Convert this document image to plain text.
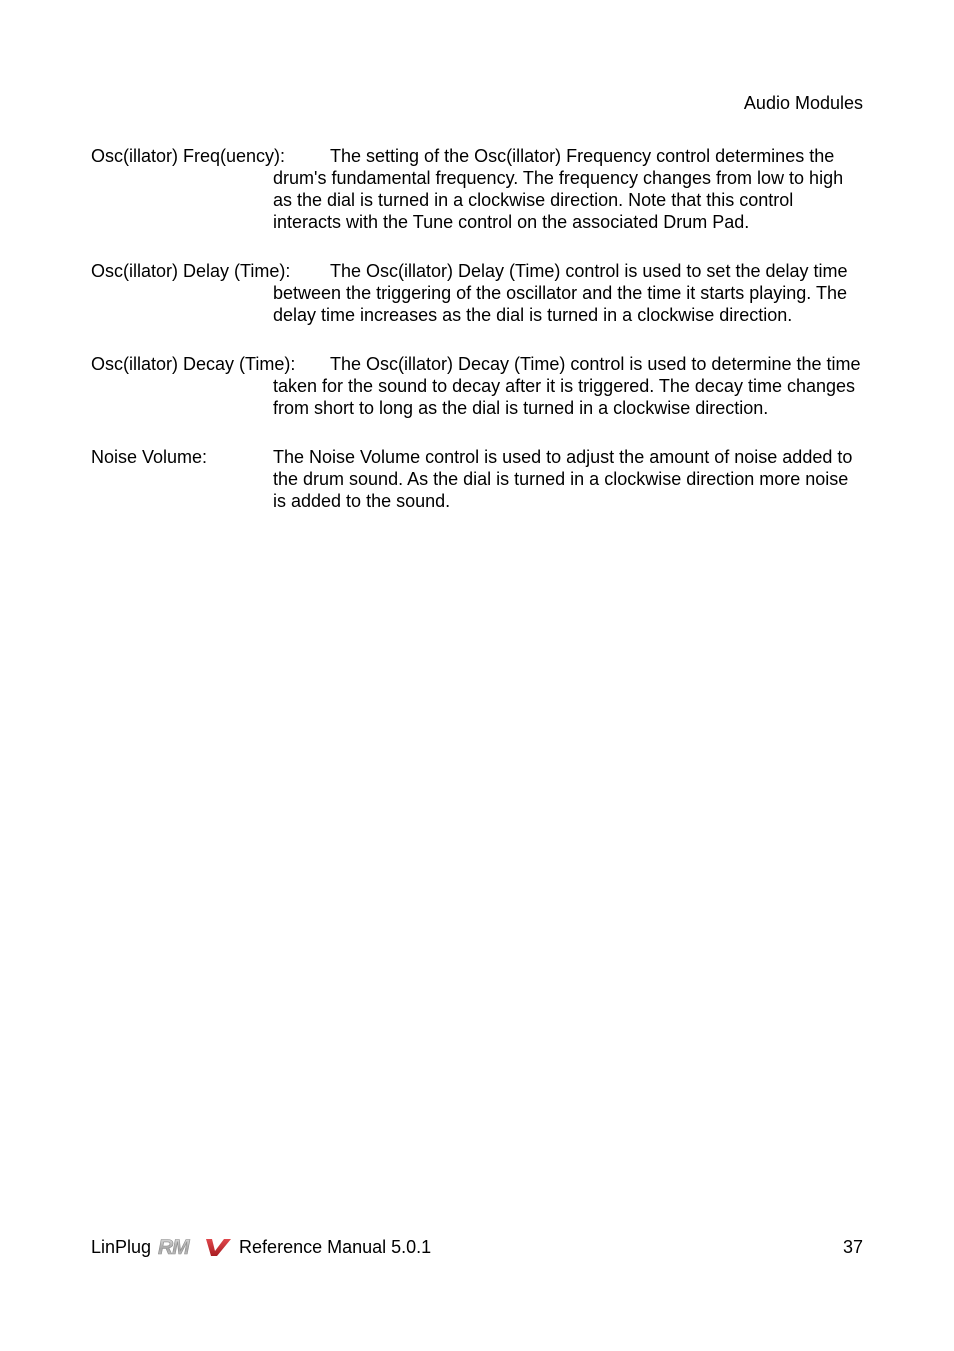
Audio Modules
Osc(illator) Freq(uency):	The setting of the Osc(illator) Frequency control determines the drum's fundamental frequency. The frequency changes from low to high as the dial is turned in a clockwise direction. Note that this control interacts with the Tune control on the associated Drum Pad.
Osc(illator) Delay (Time):	The Osc(illator) Delay (Time) control is used to set the delay time between the triggering of the oscillator and the time it starts playing. The delay time increases as the dial is turned in a clockwise direction.
Osc(illator) Decay (Time):	The Osc(illator) Decay (Time) control is used to determine the time taken for the sound to decay after it is triggered. The decay time changes from short to long as the dial is turned in a clockwise direction.
Noise Volume:	The Noise Volume control is used to adjust the amount of noise added to the drum sound. As the dial is turned in a clockwise direction more noise is added to the sound.
LinPlug RM	Reference Manual 5.0.1	37
